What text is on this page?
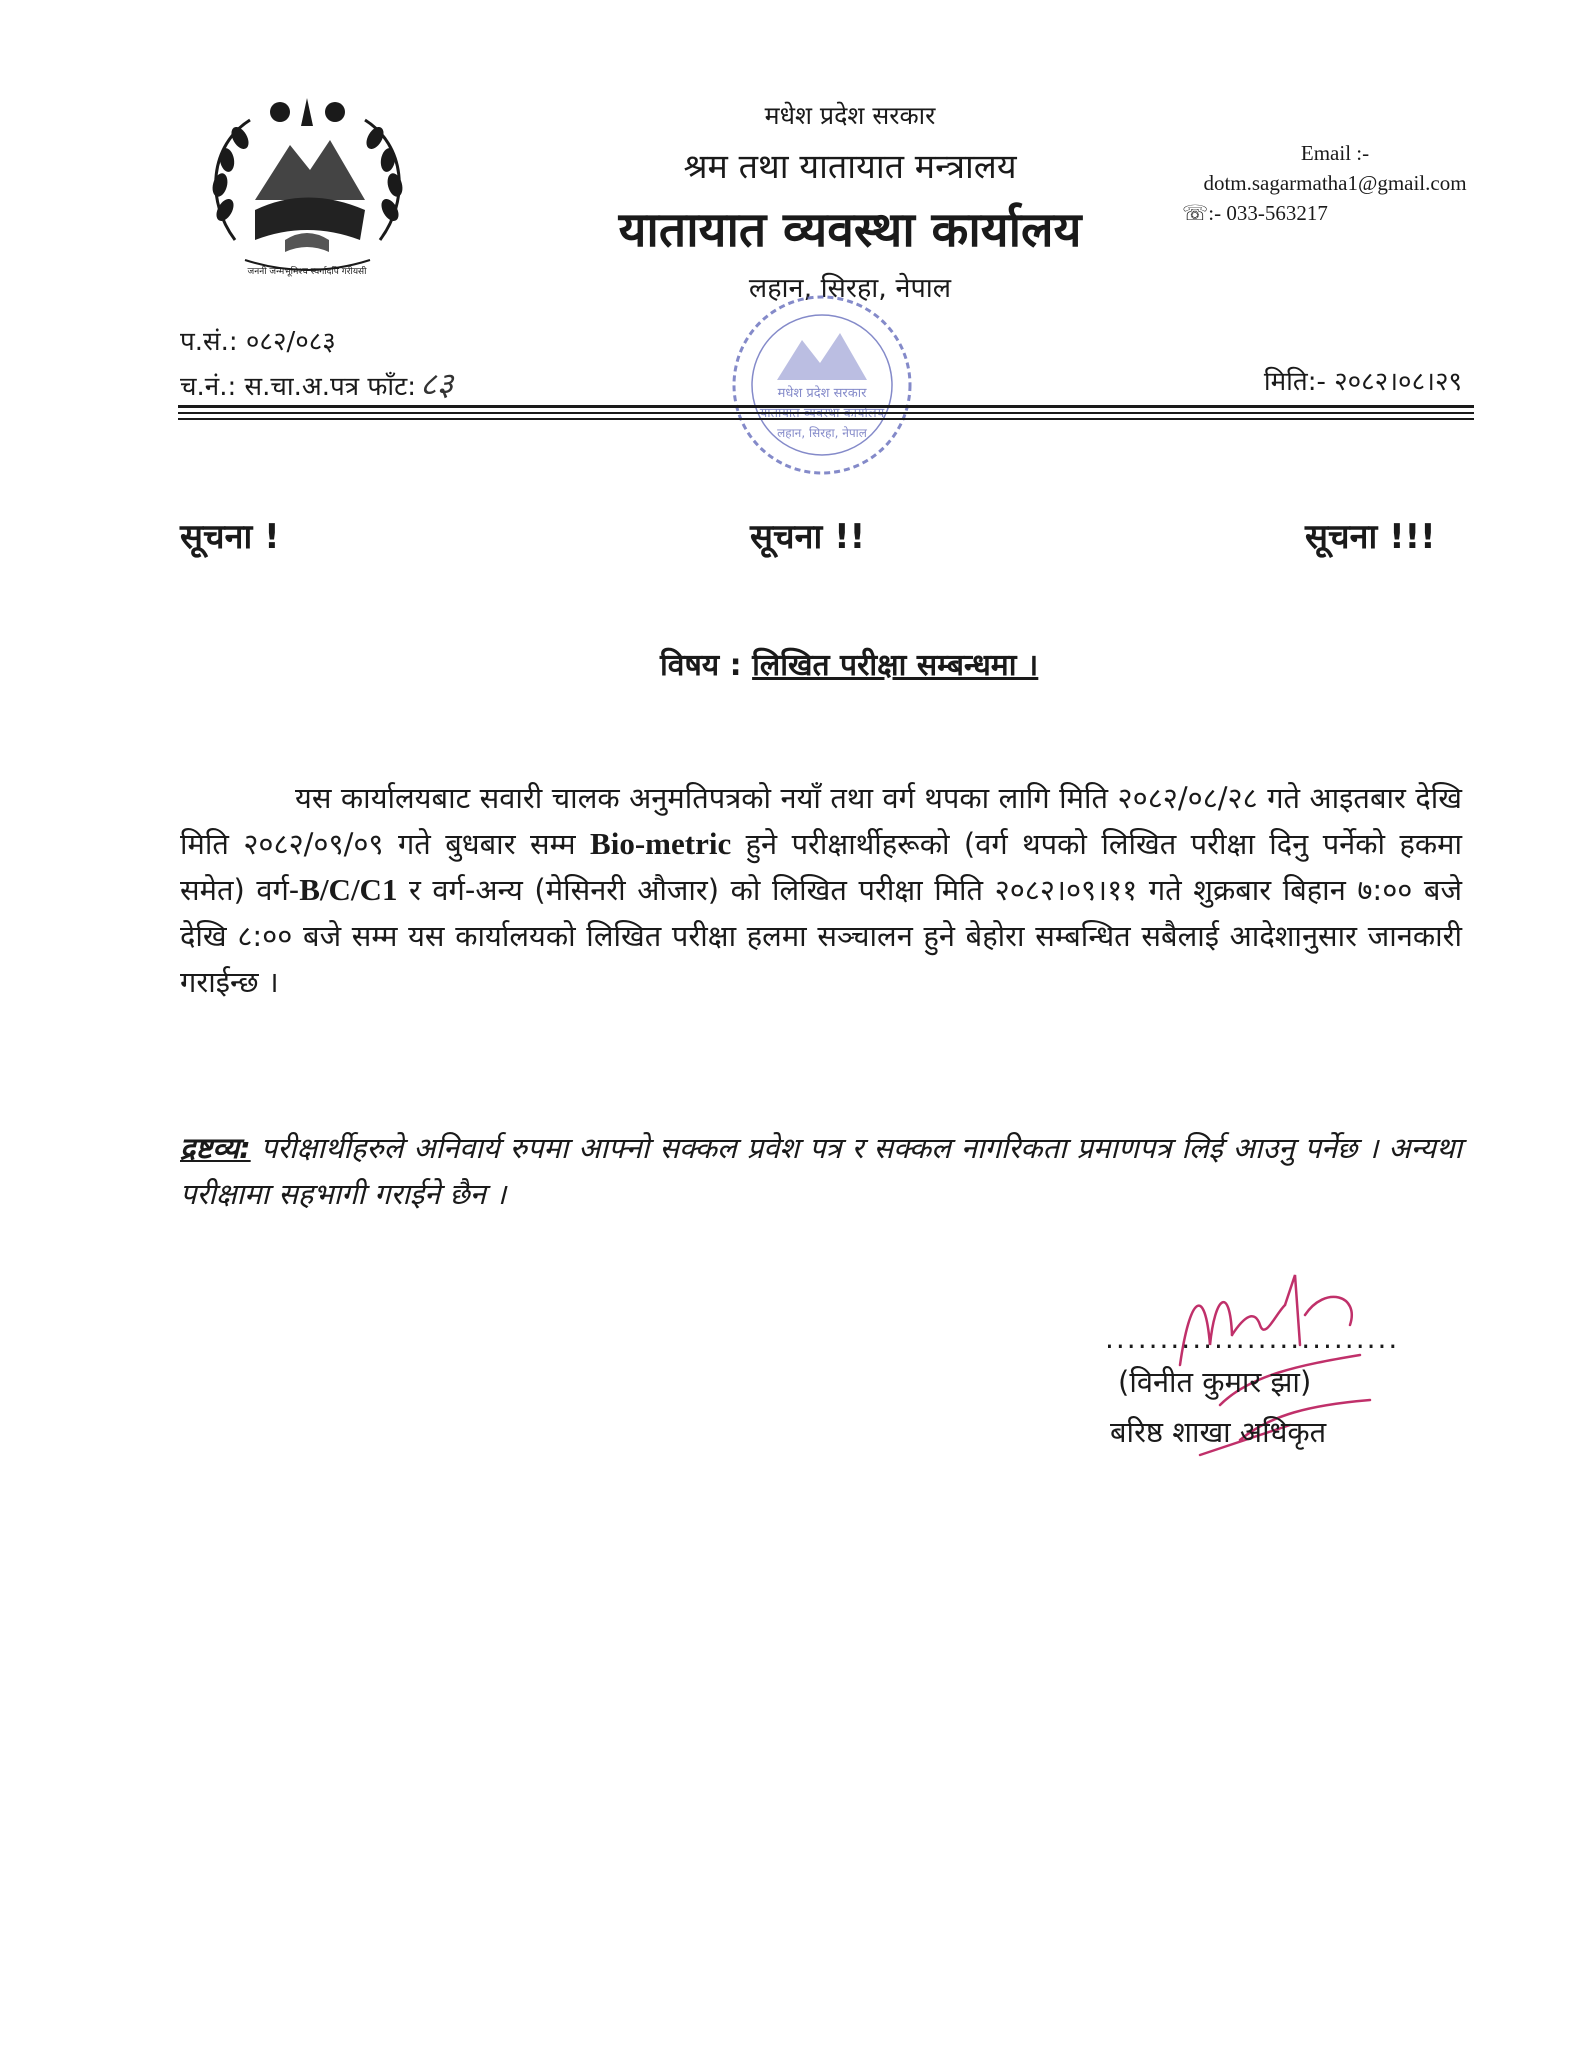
जननी जन्मभूमिश्च स्वर्गादपि गरीयसी
मधेश प्रदेश सरकार
श्रम तथा यातायात मन्त्रालय
यातायात व्यवस्था कार्यालय
लहान, सिरहा, नेपाल
Email :-
dotm.sagarmatha1@gmail.com
☏:- 033-563217
मधेश प्रदेश सरकार
यातायात व्यवस्था कार्यालय
लहान, सिरहा, नेपाल
प.सं.: ०८२/०८३
च.नं.: स.चा.अ.पत्र फाँट: ८३	मिति:- २०८२।०८।२९
सूचना !	सूचना !!	सूचना !!!
विषय : लिखित परीक्षा सम्बन्धमा ।

यस कार्यालयबाट सवारी चालक अनुमतिपत्रको नयाँ तथा वर्ग थपका लागि मिति २०८२/०८/२८ गते आइतबार देखि मिति २०८२/०९/०९ गते बुधबार सम्म Bio-metric हुने परीक्षार्थीहरूको (वर्ग थपको लिखित परीक्षा दिनु पर्नेको हकमा समेत) वर्ग-B/C/C1 र वर्ग-अन्य (मेसिनरी औजार) को लिखित परीक्षा मिति २०८२।०९।११ गते शुक्रबार बिहान ७:०० बजे देखि ८:०० बजे सम्म यस कार्यालयको लिखित परीक्षा हलमा सञ्चालन हुने बेहोरा सम्बन्धित सबैलाई आदेशानुसार जानकारी गराईन्छ ।

द्रष्टव्य: परीक्षार्थीहरुले अनिवार्य रुपमा आफ्नो सक्कल प्रवेश पत्र र सक्कल नागरिकता प्रमाणपत्र लिई आउनु पर्नेछ । अन्यथा परीक्षामा सहभागी गराईने छैन ।
...........................
(विनीत कुमार झा)
बरिष्ठ शाखा अधिकृत
